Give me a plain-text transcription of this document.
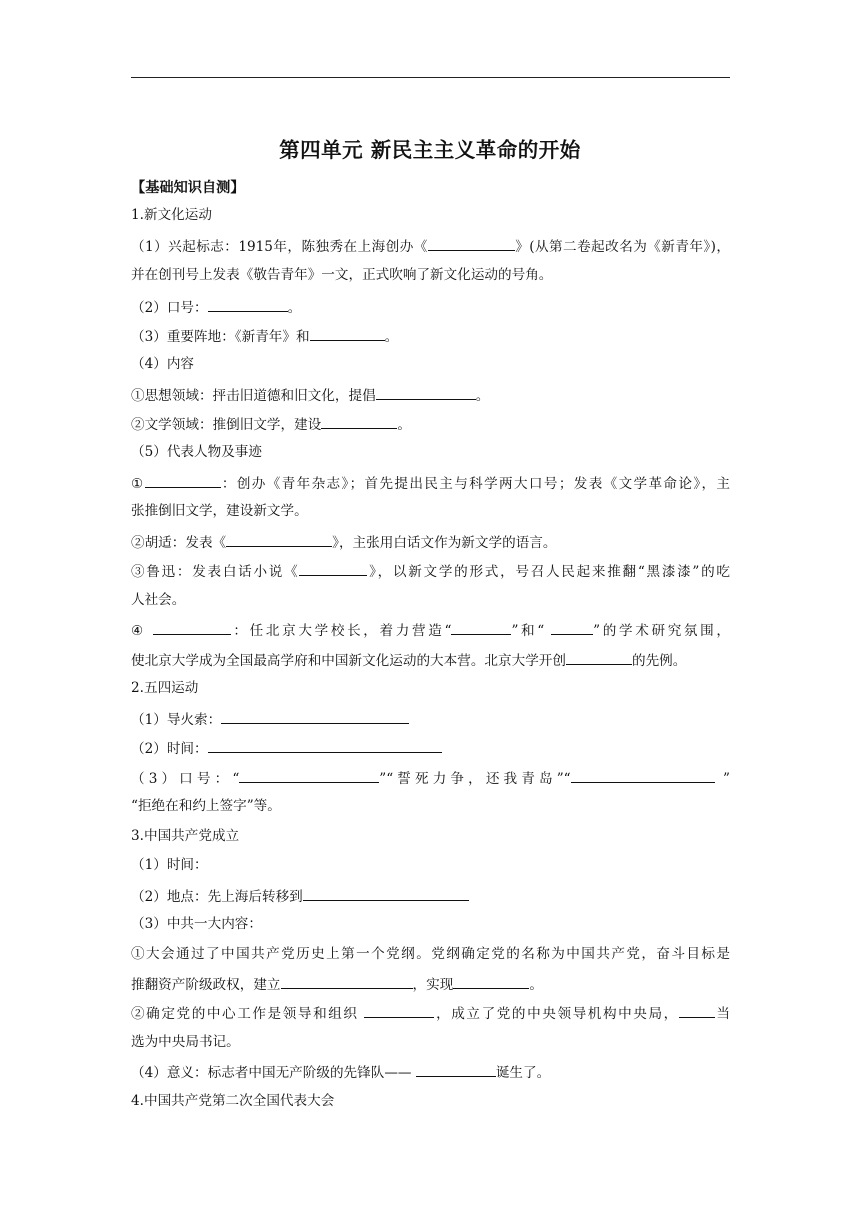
第四单元 新民主主义革命的开始
【基础知识自测】
1.新文化运动
（1）兴起标志：1915年，陈独秀在上海创办《	》(从第二卷起改名为《新青年》)，
并在创刊号上发表《敬告青年》一文，正式吹响了新文化运动的号角。
（2）口号：	。
（3）重要阵地：《新青年》和	。
（4）内容
①思想领域：抨击旧道德和旧文化，提倡	。
②文学领域：推倒旧文学，建设	。
（5）代表人物及事迹
①	：创办《青年杂志》；首先提出民主与科学两大口号；发表《文学革命论》，主
张推倒旧文学，建设新文学。
②胡适：发表《	》，主张用白话文作为新文学的语言。
③鲁迅：发表白话小说《	》，以新文学的形式，号召人民起来推翻“黑漆漆”的吃
人社会。
④	：任北京大学校长，着力营造“	”和“	”的学术研究氛围，
使北京大学成为全国最高学府和中国新文化运动的大本营。北京大学开创	的先例。
2.五四运动
（1）导火索：
（2）时间：
（3）口号：“	”“誓死力争，还我青岛”“	”
“拒绝在和约上签字”等。
3.中国共产党成立
（1）时间：
（2）地点：先上海后转移到
（3）中共一大内容：
①大会通过了中国共产党历史上第一个党纲。党纲确定党的名称为中国共产党，奋斗目标是
推翻资产阶级政权，建立	，实现	。
②确定党的中心工作是领导和组织	，成立了党的中央领导机构中央局，	当
选为中央局书记。
（4）意义：标志者中国无产阶级的先锋队——	诞生了。
4.中国共产党第二次全国代表大会
